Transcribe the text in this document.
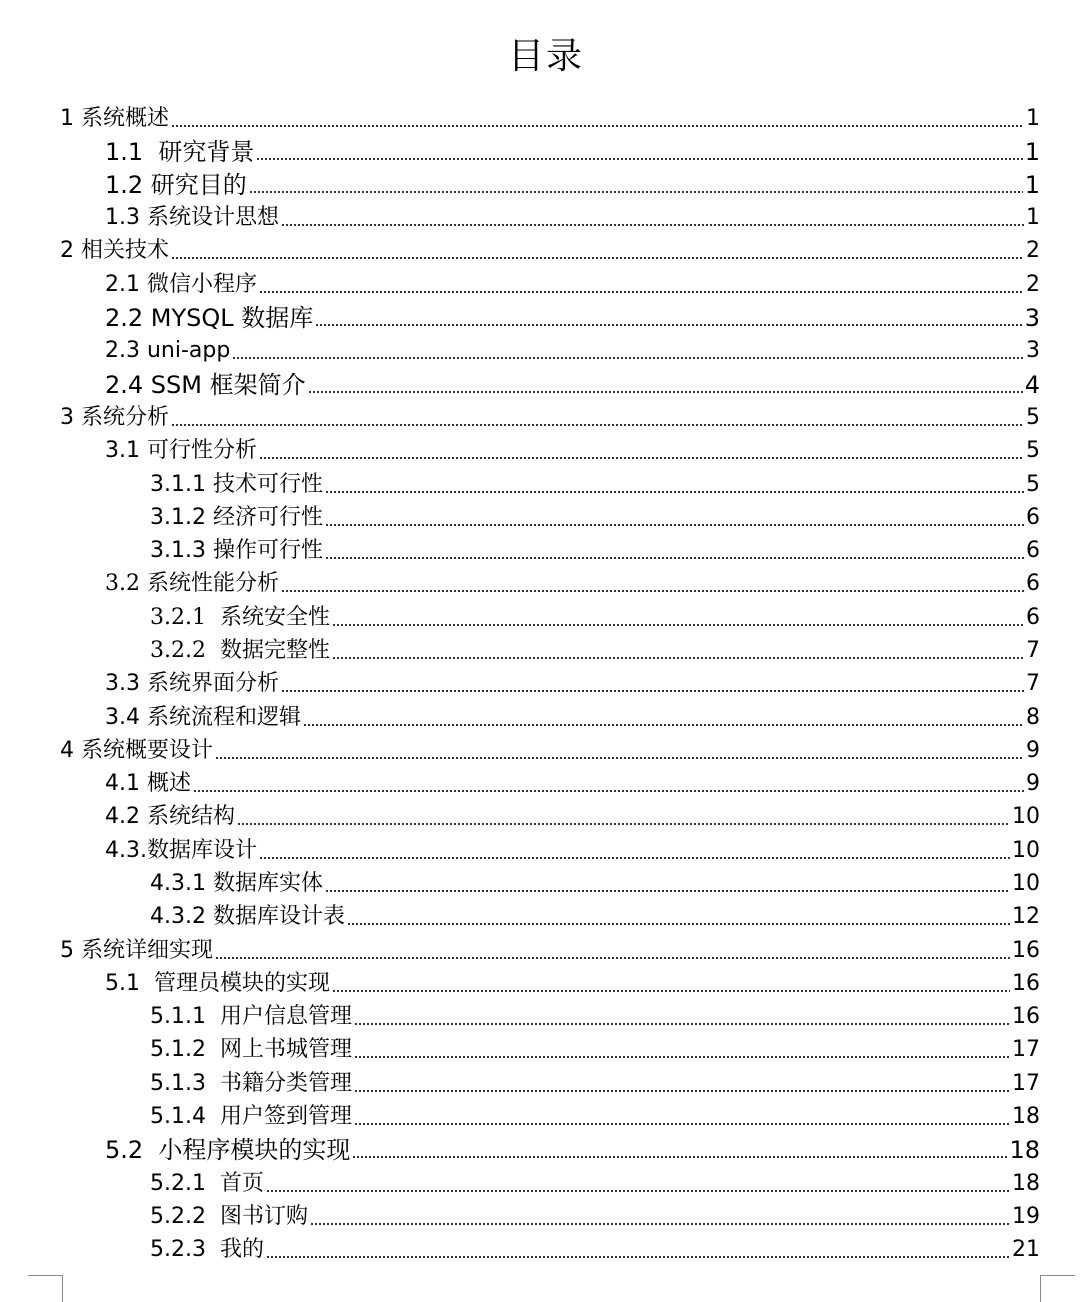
目录
1 系统概述	1
1.1  研究背景	1
1.2 研究目的	1
1.3 系统设计思想	1
2 相关技术	2
2.1 微信小程序	2
2.2 MYSQL 数据库	3
2.3 uni-app	3
2.4 SSM 框架简介	4
3 系统分析	5
3.1 可行性分析	5
3.1.1 技术可行性	5
3.1.2 经济可行性	6
3.1.3 操作可行性	6
3.2 系统性能分析	6
3.2.1  系统安全性	6
3.2.2  数据完整性	7
3.3 系统界面分析	7
3.4 系统流程和逻辑	8
4 系统概要设计	9
4.1 概述	9
4.2 系统结构	10
4.3.数据库设计	10
4.3.1 数据库实体	10
4.3.2 数据库设计表	12
5 系统详细实现	16
5.1  管理员模块的实现	16
5.1.1  用户信息管理	16
5.1.2  网上书城管理	17
5.1.3  书籍分类管理	17
5.1.4  用户签到管理	18
5.2  小程序模块的实现	18
5.2.1  首页	18
5.2.2  图书订购	19
5.2.3  我的	21
